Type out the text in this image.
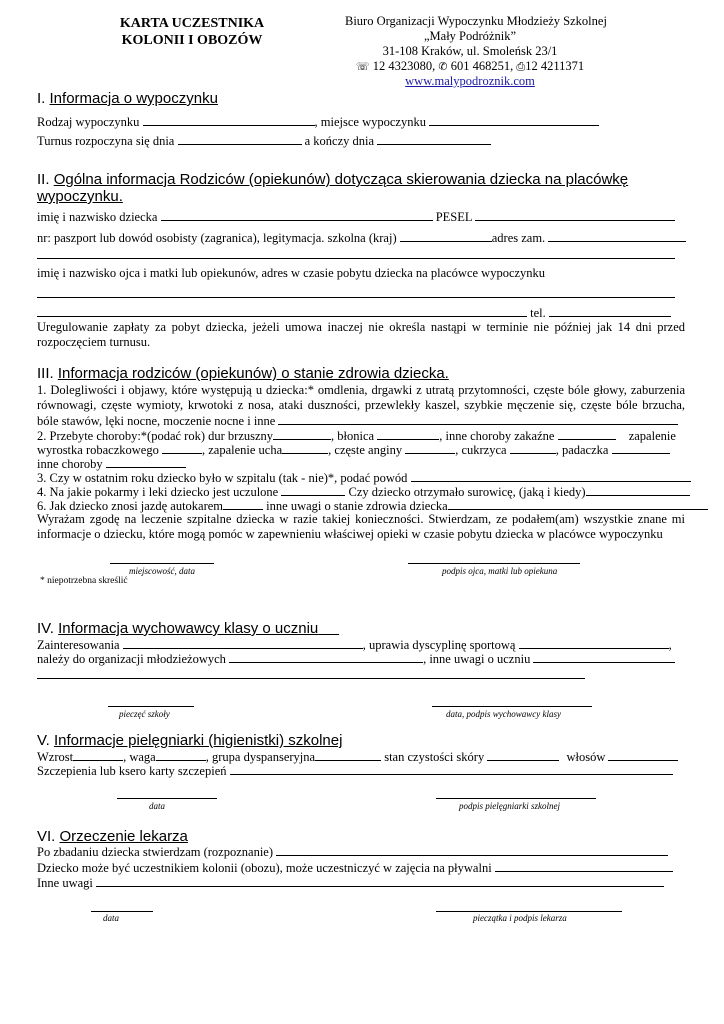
KARTA UCZESTNIKA
KOLONII I OBOZÓW
Biuro Organizacji Wypoczynku Młodzieży Szkolnej
„Mały Podróżnik”
31-108 Kraków, ul. Smoleńsk 23/1
☏ 12 4323080, ✆ 601 468251, ⎙12 4211371
www.malypodroznik.com
I. Informacja o wypoczynku
Rodzaj wypoczynku	, miejsce wypoczynku
Turnus rozpoczyna się dnia	a kończy dnia
II. Ogólna informacja Rodziców (opiekunów) dotycząca skierowania dziecka na placówkę
wypoczynku.
imię i nazwisko dziecka	PESEL
nr: paszport lub dowód osobisty (zagranica), legitymacja. szkolna (kraj)	adres zam.
imię i nazwisko ojca i matki lub opiekunów, adres w czasie pobytu dziecka na placówce wypoczynku
tel.
Uregulowanie zapłaty za pobyt dziecka, jeżeli umowa inaczej nie określa nastąpi w terminie nie później jak 14 dni przed rozpoczęciem turnusu.
III. Informacja rodziców (opiekunów) o stanie zdrowia dziecka.
1. Dolegliwości i objawy, które występują u dziecka:* omdlenia, drgawki z utratą przytomności, częste bóle głowy, zaburzenia równowagi, częste wymioty, krwotoki z nosa, ataki duszności, przewlekły kaszel, szybkie męczenie się, częste bóle brzucha, bóle stawów, lęki nocne, moczenie nocne i inne
2. Przebyte choroby:*(podać rok) dur brzuszny	, błonica	, inne choroby zakaźne	zapalenie
wyrostka robaczkowego	, zapalenie ucha	, częste anginy	, cukrzyca	, padaczka
inne choroby
3. Czy w ostatnim roku dziecko było w szpitalu (tak - nie)*, podać powód
4. Na jakie pokarmy i leki dziecko jest uczulone	Czy dziecko otrzymało surowicę, (jaką i kiedy)
6. Jak dziecko znosi jazdę autokarem	inne uwagi o stanie zdrowia dziecka
Wyrażam zgodę na leczenie szpitalne dziecka w razie takiej konieczności. Stwierdzam, ze podałem(am) wszystkie znane mi informacje o dziecku, które mogą pomóc w zapewnieniu właściwej opieki w czasie pobytu dziecka w placówce wypoczynku
miejscowość, data	podpis ojca, matki lub opiekuna
* niepotrzebna skreślić
IV. Informacja wychowawcy klasy o uczniu
Zainteresowania	, uprawia dyscyplinę sportową	,
należy do organizacji młodzieżowych	, inne uwagi o uczniu
pieczęć szkoły	data, podpis wychowawcy klasy
V. Informacje pielęgniarki (higienistki) szkolnej
Wzrost	, waga	, grupa dyspanseryjna	stan czystości skóry	włosów
Szczepienia lub ksero karty szczepień
data	podpis pielęgniarki szkolnej
VI. Orzeczenie lekarza
Po zbadaniu dziecka stwierdzam (rozpoznanie)
Dziecko może być uczestnikiem kolonii (obozu), może uczestniczyć w zajęcia na pływalni
Inne uwagi
data	pieczątka i podpis lekarza
